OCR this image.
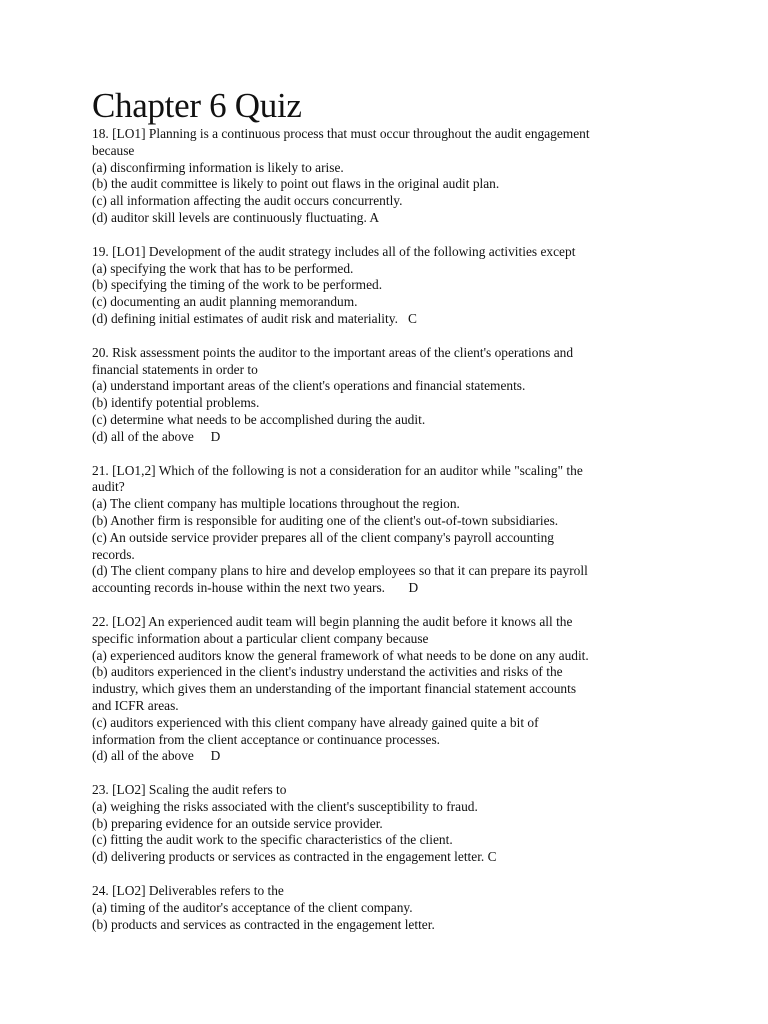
Chapter 6 Quiz
18. [LO1] Planning is a continuous process that must occur throughout the audit engagement
because
(a) disconfirming information is likely to arise.
(b) the audit committee is likely to point out flaws in the original audit plan.
(c) all information affecting the audit occurs concurrently.
(d) auditor skill levels are continuously fluctuating. A
19. [LO1] Development of the audit strategy includes all of the following activities except
(a) specifying the work that has to be performed.
(b) specifying the timing of the work to be performed.
(c) documenting an audit planning memorandum.
(d) defining initial estimates of audit risk and materiality.   C
20. Risk assessment points the auditor to the important areas of the client's operations and
financial statements in order to
(a) understand important areas of the client's operations and financial statements.
(b) identify potential problems.
(c) determine what needs to be accomplished during the audit.
(d) all of the above     D
21. [LO1,2] Which of the following is not a consideration for an auditor while "scaling" the
audit?
(a) The client company has multiple locations throughout the region.
(b) Another firm is responsible for auditing one of the client's out-of-town subsidiaries.
(c) An outside service provider prepares all of the client company's payroll accounting
records.
(d) The client company plans to hire and develop employees so that it can prepare its payroll
accounting records in-house within the next two years.       D
22. [LO2] An experienced audit team will begin planning the audit before it knows all the
specific information about a particular client company because
(a) experienced auditors know the general framework of what needs to be done on any audit.
(b) auditors experienced in the client's industry understand the activities and risks of the
industry, which gives them an understanding of the important financial statement accounts
and ICFR areas.
(c) auditors experienced with this client company have already gained quite a bit of
information from the client acceptance or continuance processes.
(d) all of the above     D
23. [LO2] Scaling the audit refers to
(a) weighing the risks associated with the client's susceptibility to fraud.
(b) preparing evidence for an outside service provider.
(c) fitting the audit work to the specific characteristics of the client.
(d) delivering products or services as contracted in the engagement letter. C
24. [LO2] Deliverables refers to the
(a) timing of the auditor's acceptance of the client company.
(b) products and services as contracted in the engagement letter.
